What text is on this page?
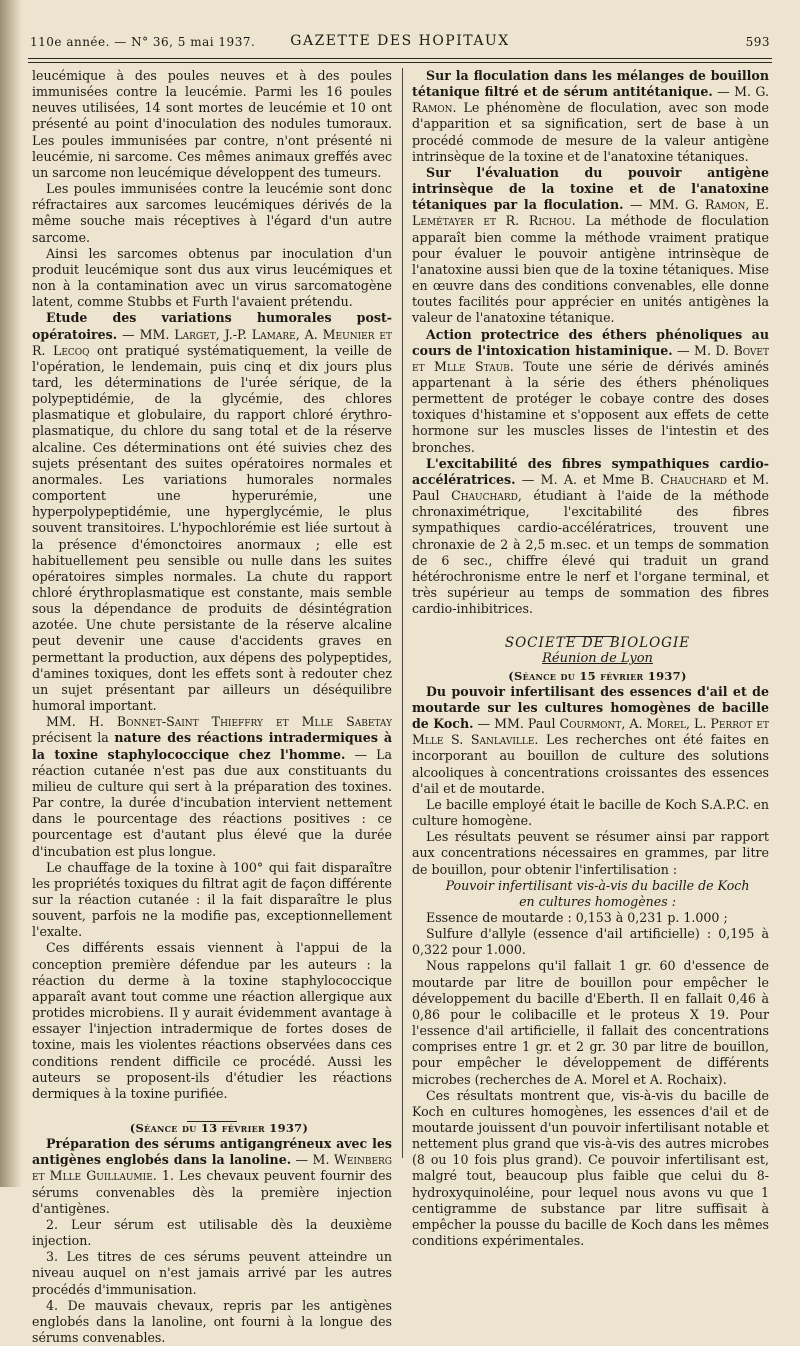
110e année. — N° 36, 5 mai 1937.	GAZETTE DES HOPITAUX	593

leucémique à des poules neuves et à des poules immunisées contre la leucémie. Parmi les 16 poules neuves utilisées, 14 sont mortes de leucémie et 10 ont présenté au point d'inoculation des nodules tumoraux. Les poules immunisées par contre, n'ont présenté ni leucémie, ni sarcome. Ces mêmes animaux greffés avec un sarcome non leucémique développent des tumeurs.

Les poules immunisées contre la leucémie sont donc réfractaires aux sarcomes leucémiques dérivés de la même souche mais réceptives à l'égard d'un autre sarcome.

Ainsi les sarcomes obtenus par inoculation d'un produit leucémique sont dus aux virus leucémiques et non à la contamination avec un virus sarcomatogène latent, comme Stubbs et Furth l'avaient prétendu.

Etude des variations humorales post-opératoires. — MM. Larget, J.-P. Lamare, A. Meunier et R. Lecoq ont pratiqué systématiquement, la veille de l'opération, le lendemain, puis cinq et dix jours plus tard, les déterminations de l'urée sérique, de la polypeptidémie, de la glycémie, des chlores plasmatique et globulaire, du rapport chloré érythro-plasmatique, du chlore du sang total et de la réserve alcaline. Ces déterminations ont été suivies chez des sujets présentant des suites opératoires normales et anormales. Les variations humorales normales comportent une hyperurémie, une hyperpolypeptidémie, une hyperglycémie, le plus souvent transitoires. L'hypochlorémie est liée surtout à la présence d'émonctoires anormaux ; elle est habituellement peu sensible ou nulle dans les suites opératoires simples normales. La chute du rapport chloré érythroplasmatique est constante, mais semble sous la dépendance de produits de désintégration azotée. Une chute persistante de la réserve alcaline peut devenir une cause d'accidents graves en permettant la production, aux dépens des polypeptides, d'amines toxiques, dont les effets sont à redouter chez un sujet présentant par ailleurs un déséquilibre humoral important.

MM. H. Bonnet-Saint Thieffry et Mlle Sabetay précisent la nature des réactions intradermiques à la toxine staphylococcique chez l'homme. — La réaction cutanée n'est pas due aux constituants du milieu de culture qui sert à la préparation des toxines. Par contre, la durée d'incubation intervient nettement dans le pourcentage des réactions positives : ce pourcentage est d'autant plus élevé que la durée d'incubation est plus longue.

Le chauffage de la toxine à 100° qui fait disparaître les propriétés toxiques du filtrat agit de façon différente sur la réaction cutanée : il la fait disparaître le plus souvent, parfois ne la modifie pas, exceptionnellement l'exalte.

Ces différents essais viennent à l'appui de la conception première défendue par les auteurs : la réaction du derme à la toxine staphylococcique apparaît avant tout comme une réaction allergique aux protides microbiens. Il y aurait évidemment avantage à essayer l'injection intradermique de fortes doses de toxine, mais les violentes réactions observées dans ces conditions rendent difficile ce procédé. Aussi les auteurs se proposent-ils d'étudier les réactions dermiques à la toxine purifiée.

(Séance du 13 février 1937)

Préparation des sérums antigangréneux avec les antigènes englobés dans la lanoline. — M. Weinberg et Mlle Guillaumie. 1. Les chevaux peuvent fournir des sérums convenables dès la première injection d'antigènes.

2. Leur sérum est utilisable dès la deuxième injection.

3. Les titres de ces sérums peuvent atteindre un niveau auquel on n'est jamais arrivé par les autres procédés d'immunisation.

4. De mauvais chevaux, repris par les antigènes englobés dans la lanoline, ont fourni à la longue des sérums convenables.

Sur la floculation dans les mélanges de bouillon tétanique filtré et de sérum antitétanique. — M. G. Ramon. Le phénomène de floculation, avec son mode d'apparition et sa signification, sert de base à un procédé commode de mesure de la valeur antigène intrinsèque de la toxine et de l'anatoxine tétaniques.

Sur l'évaluation du pouvoir antigène intrinsèque de la toxine et de l'anatoxine tétaniques par la floculation. — MM. G. Ramon, E. Lemétayer et R. Richou. La méthode de floculation apparaît bien comme la méthode vraiment pratique pour évaluer le pouvoir antigène intrinsèque de l'anatoxine aussi bien que de la toxine tétaniques. Mise en œuvre dans des conditions convenables, elle donne toutes facilités pour apprécier en unités antigènes la valeur de l'anatoxine tétanique.

Action protectrice des éthers phénoliques au cours de l'intoxication histaminique. — M. D. Bovet et Mlle Staub. Toute une série de dérivés aminés appartenant à la série des éthers phénoliques permettent de protéger le cobaye contre des doses toxiques d'histamine et s'opposent aux effets de cette hormone sur les muscles lisses de l'intestin et des bronches.

L'excitabilité des fibres sympathiques cardio-accélératrices. — M. A. et Mme B. Chauchard et M. Paul Chauchard, étudiant à l'aide de la méthode chronaximétrique, l'excitabilité des fibres sympathiques cardio-accélératrices, trouvent une chronaxie de 2 à 2,5 m.sec. et un temps de sommation de 6 sec., chiffre élevé qui traduit un grand hétérochronisme entre le nerf et l'organe terminal, et très supérieur au temps de sommation des fibres cardio-inhibitrices.

SOCIETE DE BIOLOGIE

Réunion de Lyon

(Séance du 15 février 1937)

Du pouvoir infertilisant des essences d'ail et de moutarde sur les cultures homogènes de bacille de Koch. — MM. Paul Courmont, A. Morel, L. Perrot et Mlle S. Sanlaville. Les recherches ont été faites en incorporant au bouillon de culture des solutions alcooliques à concentrations croissantes des essences d'ail et de moutarde.

Le bacille employé était le bacille de Koch S.A.P.C. en culture homogène.

Les résultats peuvent se résumer ainsi par rapport aux concentrations nécessaires en grammes, par litre de bouillon, pour obtenir l'infertilisation :

Pouvoir infertilisant vis-à-vis du bacille de Koch

en cultures homogènes :

Essence de moutarde : 0,153 à 0,231 p. 1.000 ;

Sulfure d'allyle (essence d'ail artificielle) : 0,195 à 0,322 pour 1.000.

Nous rappelons qu'il fallait 1 gr. 60 d'essence de moutarde par litre de bouillon pour empêcher le développement du bacille d'Eberth. Il en fallait 0,46 à 0,86 pour le colibacille et le proteus X 19. Pour l'essence d'ail artificielle, il fallait des concentrations comprises entre 1 gr. et 2 gr. 30 par litre de bouillon, pour empêcher le développement de différents microbes (recherches de A. Morel et A. Rochaix).

Ces résultats montrent que, vis-à-vis du bacille de Koch en cultures homogènes, les essences d'ail et de moutarde jouissent d'un pouvoir infertilisant notable et nettement plus grand que vis-à-vis des autres microbes (8 ou 10 fois plus grand). Ce pouvoir infertilisant est, malgré tout, beaucoup plus faible que celui du 8-hydroxyquinoléine, pour lequel nous avons vu que 1 centigramme de substance par litre suffisait à empêcher la pousse du bacille de Koch dans les mêmes conditions expérimentales.
